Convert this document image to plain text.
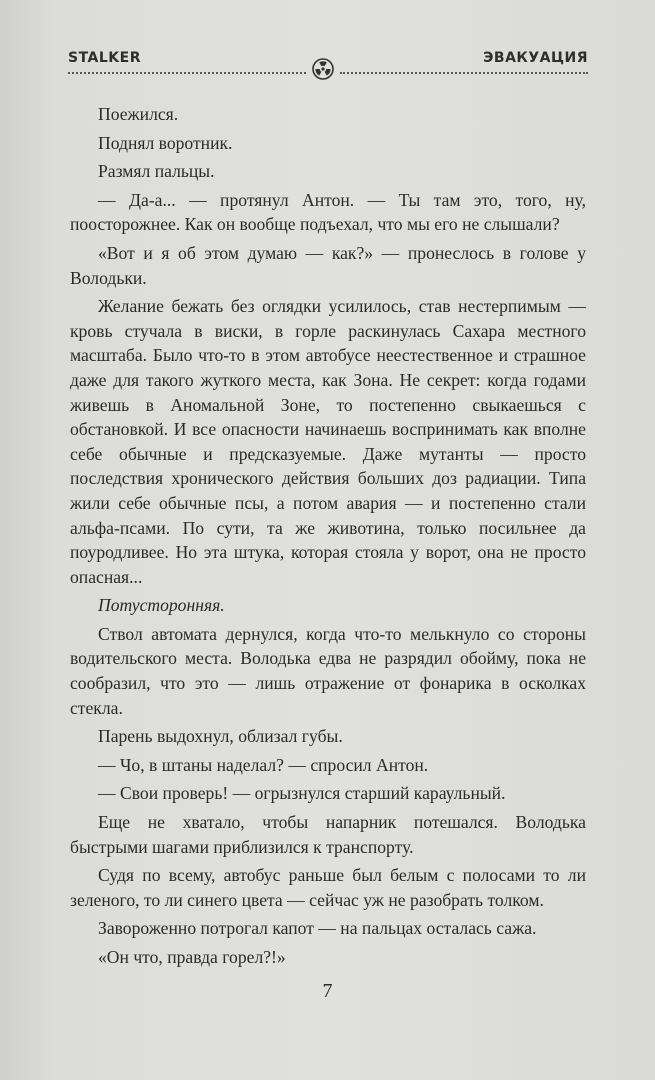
STALKER	ЭВАКУАЦИЯ

Поежился.

Поднял воротник.

Размял пальцы.

— Да-а... — протянул Антон. — Ты там это, того, ну, поосторожнее. Как он вообще подъехал, что мы его не слышали?

«Вот и я об этом думаю — как?» — пронеслось в голове у Володьки.

Желание бежать без оглядки усилилось, став нестерпимым — кровь стучала в виски, в горле раскинулась Сахара местного масштаба. Было что-то в этом автобусе неестественное и страшное даже для такого жуткого места, как Зона. Не секрет: когда годами живешь в Аномальной Зоне, то постепенно свыкаешься с обстановкой. И все опасности начинаешь воспринимать как вполне себе обычные и предсказуемые. Даже мутанты — просто последствия хронического действия больших доз радиации. Типа жили себе обычные псы, а потом авария — и постепенно стали альфа-псами. По сути, та же животина, только посильнее да поуродливее. Но эта штука, которая стояла у ворот, она не просто опасная...

Потусторонняя.

Ствол автомата дернулся, когда что-то мелькнуло со стороны водительского места. Володька едва не разрядил обойму, пока не сообразил, что это — лишь отражение от фонарика в осколках стекла.

Парень выдохнул, облизал губы.

— Чо, в штаны наделал? — спросил Антон.

— Свои проверь! — огрызнулся старший караульный.

Еще не хватало, чтобы напарник потешался. Володька быстрыми шагами приблизился к транспорту.

Судя по всему, автобус раньше был белым с полосами то ли зеленого, то ли синего цвета — сейчас уж не разобрать толком.

Завороженно потрогал капот — на пальцах осталась сажа.

«Он что, правда горел?!»

7
